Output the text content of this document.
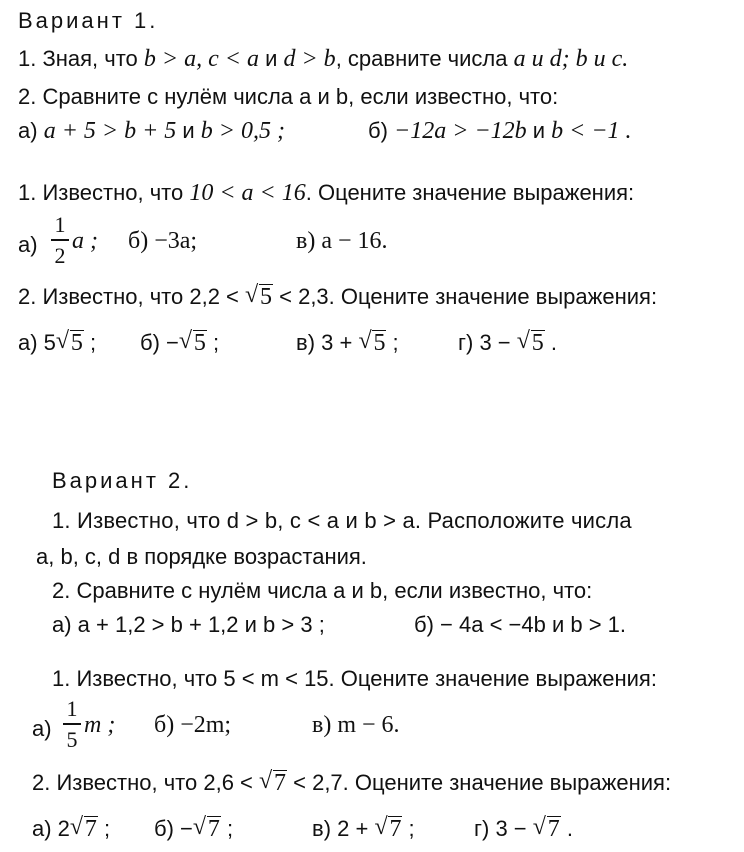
Вариант 1.
1. Зная, что b > a, c < a и d > b, сравните числа a и d; b и c.
2. Сравните с нулём числа a и b, если известно, что:
а) a + 5 > b + 5 и b > 0,5 ;	б) −12a > −12b и b < −1 .
1. Известно, что 10 < a < 16. Оцените значение выражения:
а)
1
2
a ; б) −3a;	в) a − 16.
2. Известно, что 2,2 < √ 5 < 2,3. Оцените значение выражения:
а) 5 √ 5 ; б) − √ 5 ;	в) 3 + √ 5 ;	г) 3 − √ 5 .
Вариант 2.
1. Известно, что d > b, c < a и b > a. Расположите числа
a, b, c, d в порядке возрастания.
2. Сравните с нулём числа a и b, если известно, что:
а) a + 1,2 > b + 1,2 и b > 3 ;	б) − 4a < −4b и b > 1.
1. Известно, что 5 < m < 15. Оцените значение выражения:
а)
1
5
m ; б) −2m;	в) m − 6.
2. Известно, что 2,6 < √ 7 < 2,7. Оцените значение выражения:
а) 2 √ 7 ; б) − √ 7 ;	в) 2 + √ 7 ;	г) 3 − √ 7 .
